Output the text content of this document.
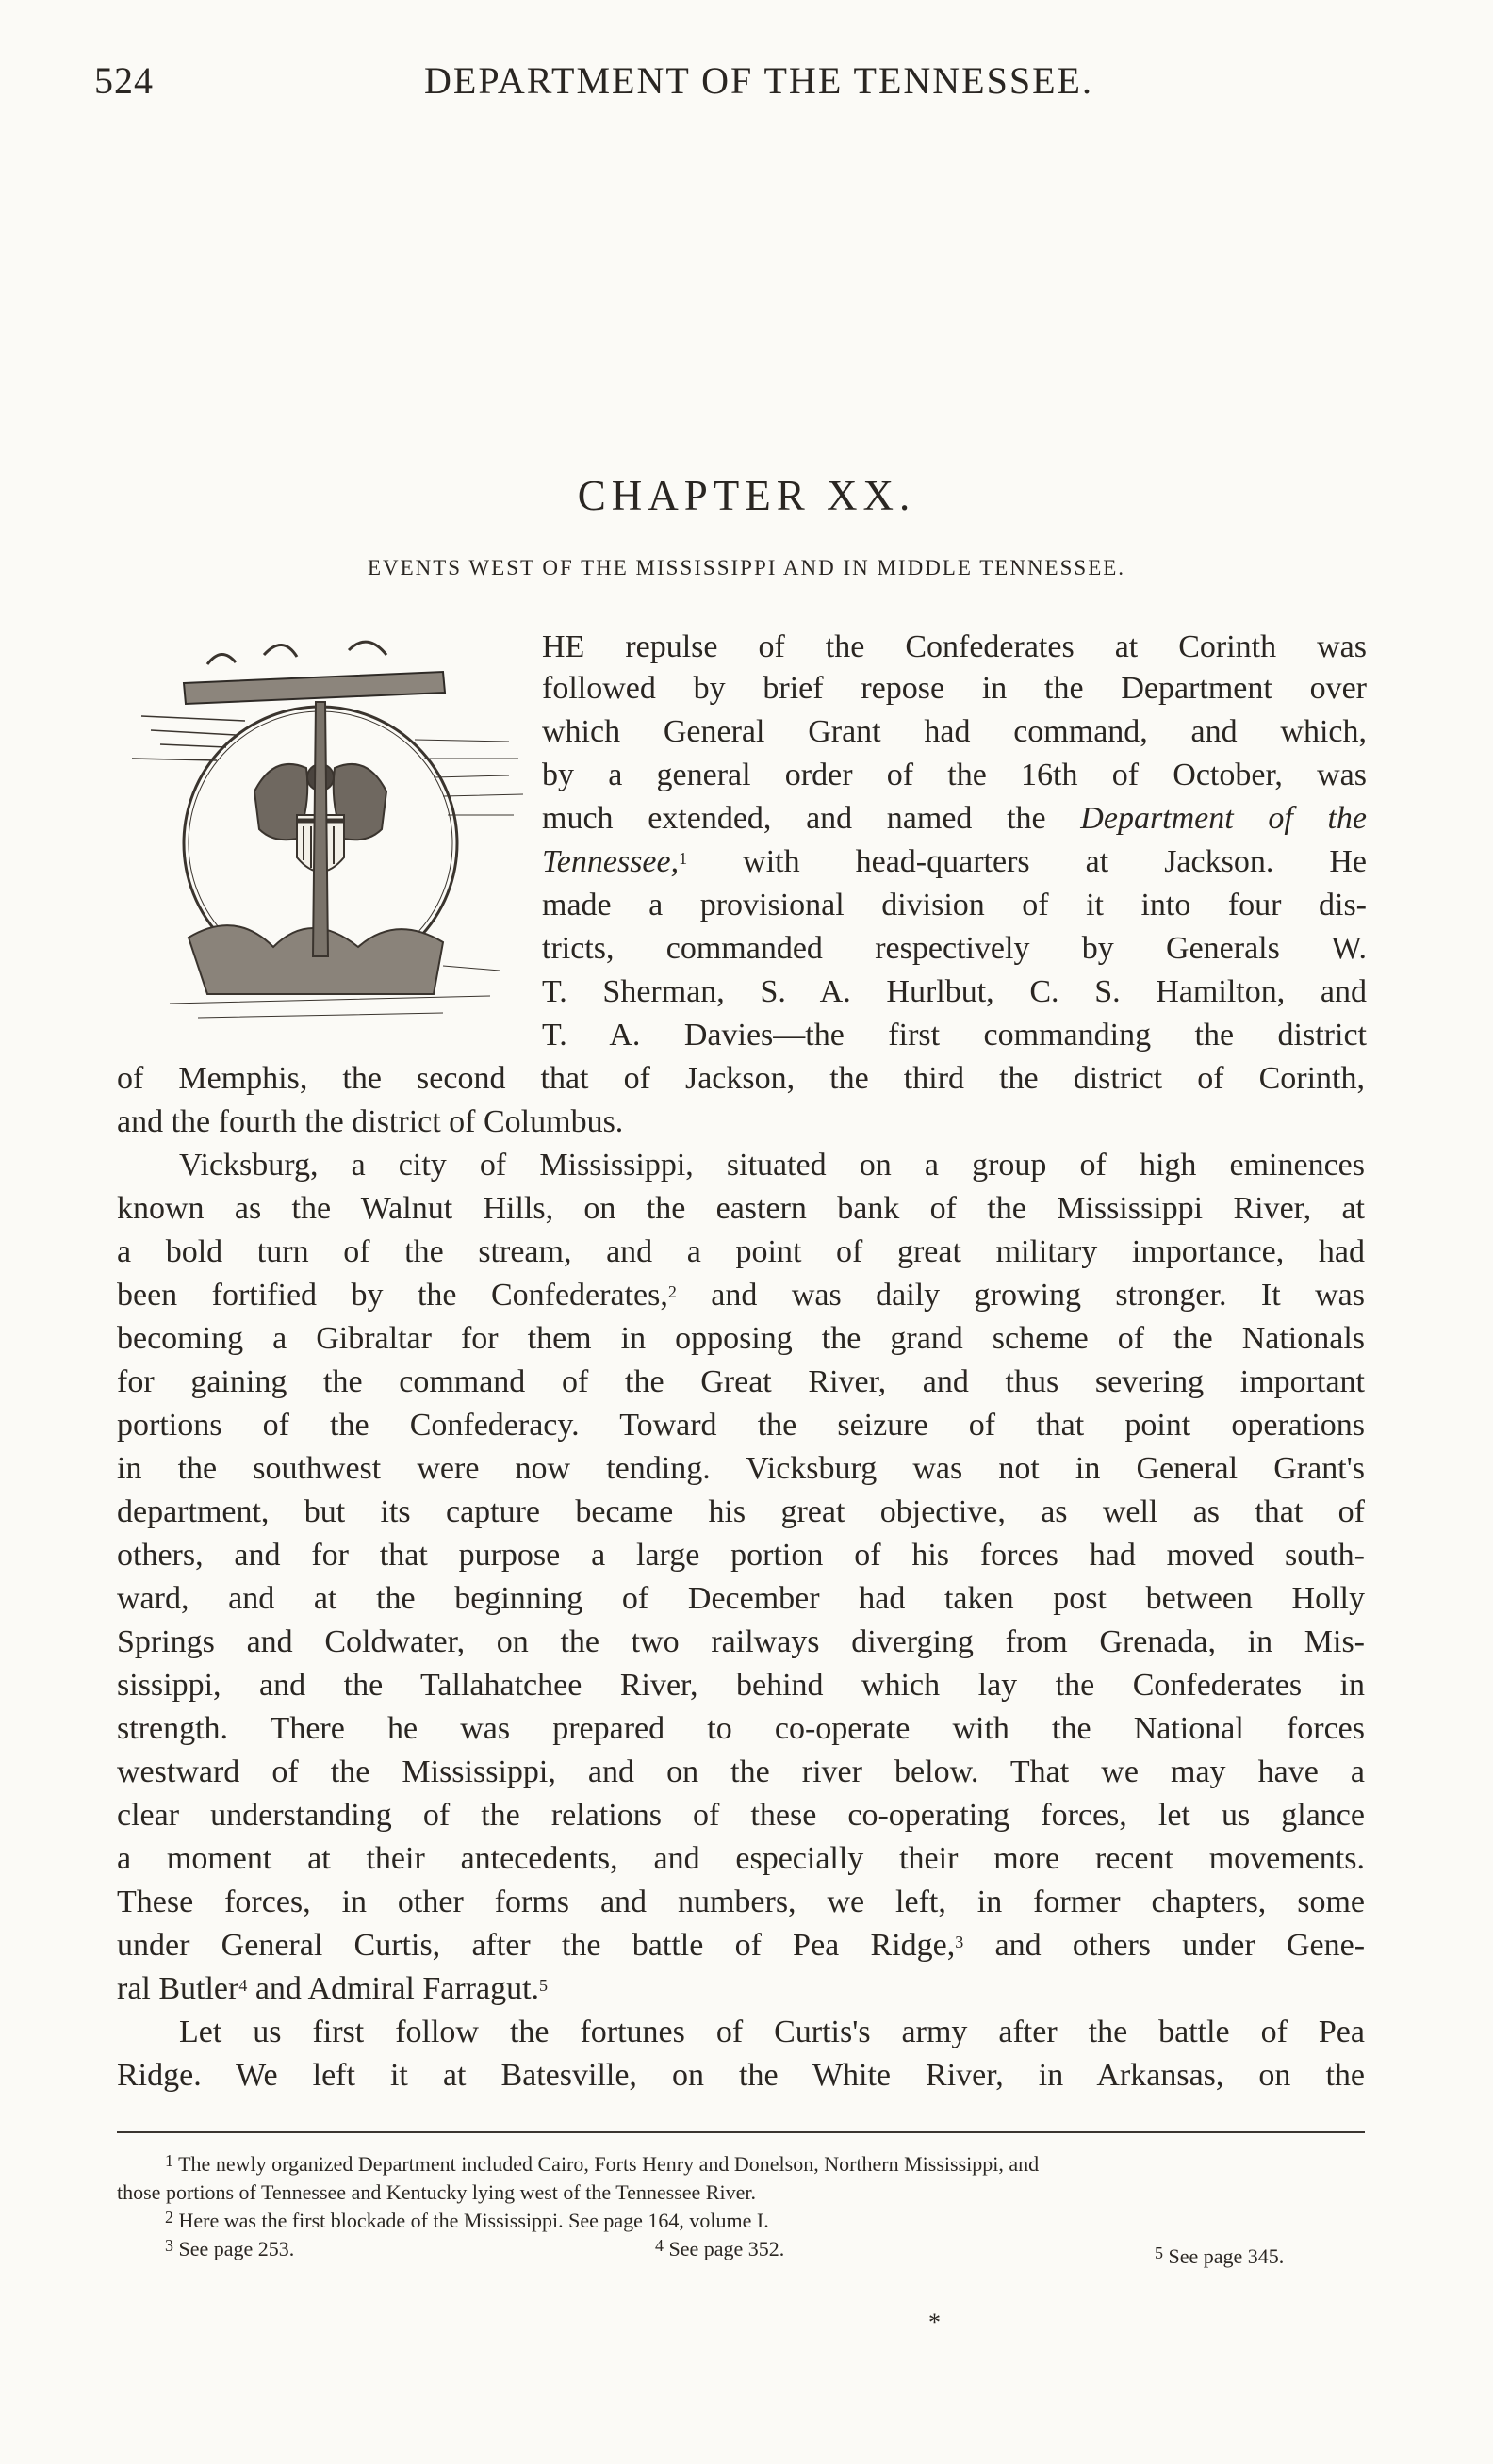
524	DEPARTMENT OF THE TENNESSEE.
CHAPTER XX.
EVENTS WEST OF THE MISSISSIPPI AND IN MIDDLE TENNESSEE.
HE repulse of the Confederates at Corinth was
followed by brief repose in the Department over
which General Grant had command, and which,
by a general order of the 16th of October, was
much extended, and named the Department of the
Tennessee,$^1$ with head-quarters at Jackson. He
made a provisional division of it into four dis-
tricts, commanded respectively by Generals W.
T. Sherman, S. A. Hurlbut, C. S. Hamilton, and
T. A. Davies—the first commanding the district
of Memphis, the second that of Jackson, the third the district of Corinth,
and the fourth the district of Columbus.
Vicksburg, a city of Mississippi, situated on a group of high eminences
known as the Walnut Hills, on the eastern bank of the Mississippi River, at
a bold turn of the stream, and a point of great military importance, had
been fortified by the Confederates,$^2$ and was daily growing stronger. It was
becoming a Gibraltar for them in opposing the grand scheme of the Nationals
for gaining the command of the Great River, and thus severing important
portions of the Confederacy. Toward the seizure of that point operations
in the southwest were now tending. Vicksburg was not in General Grant's
department, but its capture became his great objective, as well as that of
others, and for that purpose a large portion of his forces had moved south-
ward, and at the beginning of December had taken post between Holly
Springs and Coldwater, on the two railways diverging from Grenada, in Mis-
sissippi, and the Tallahatchee River, behind which lay the Confederates in
strength. There he was prepared to co-operate with the National forces
westward of the Mississippi, and on the river below. That we may have a
clear understanding of the relations of these co-operating forces, let us glance
a moment at their antecedents, and especially their more recent movements.
These forces, in other forms and numbers, we left, in former chapters, some
under General Curtis, after the battle of Pea Ridge,$^3$ and others under Gene-
ral Butler$^4$ and Admiral Farragut.$^5$
Let us first follow the fortunes of Curtis's army after the battle of Pea
Ridge. We left it at Batesville, on the White River, in Arkansas, on the
$^1$ The newly organized Department included Cairo, Forts Henry and Donelson, Northern Mississippi, and
those portions of Tennessee and Kentucky lying west of the Tennessee River.
$^2$ Here was the first blockade of the Mississippi. See page 164, volume I.
$^3$ See page 253.	$^4$ See page 352.	$^5$ See page 345.
*
